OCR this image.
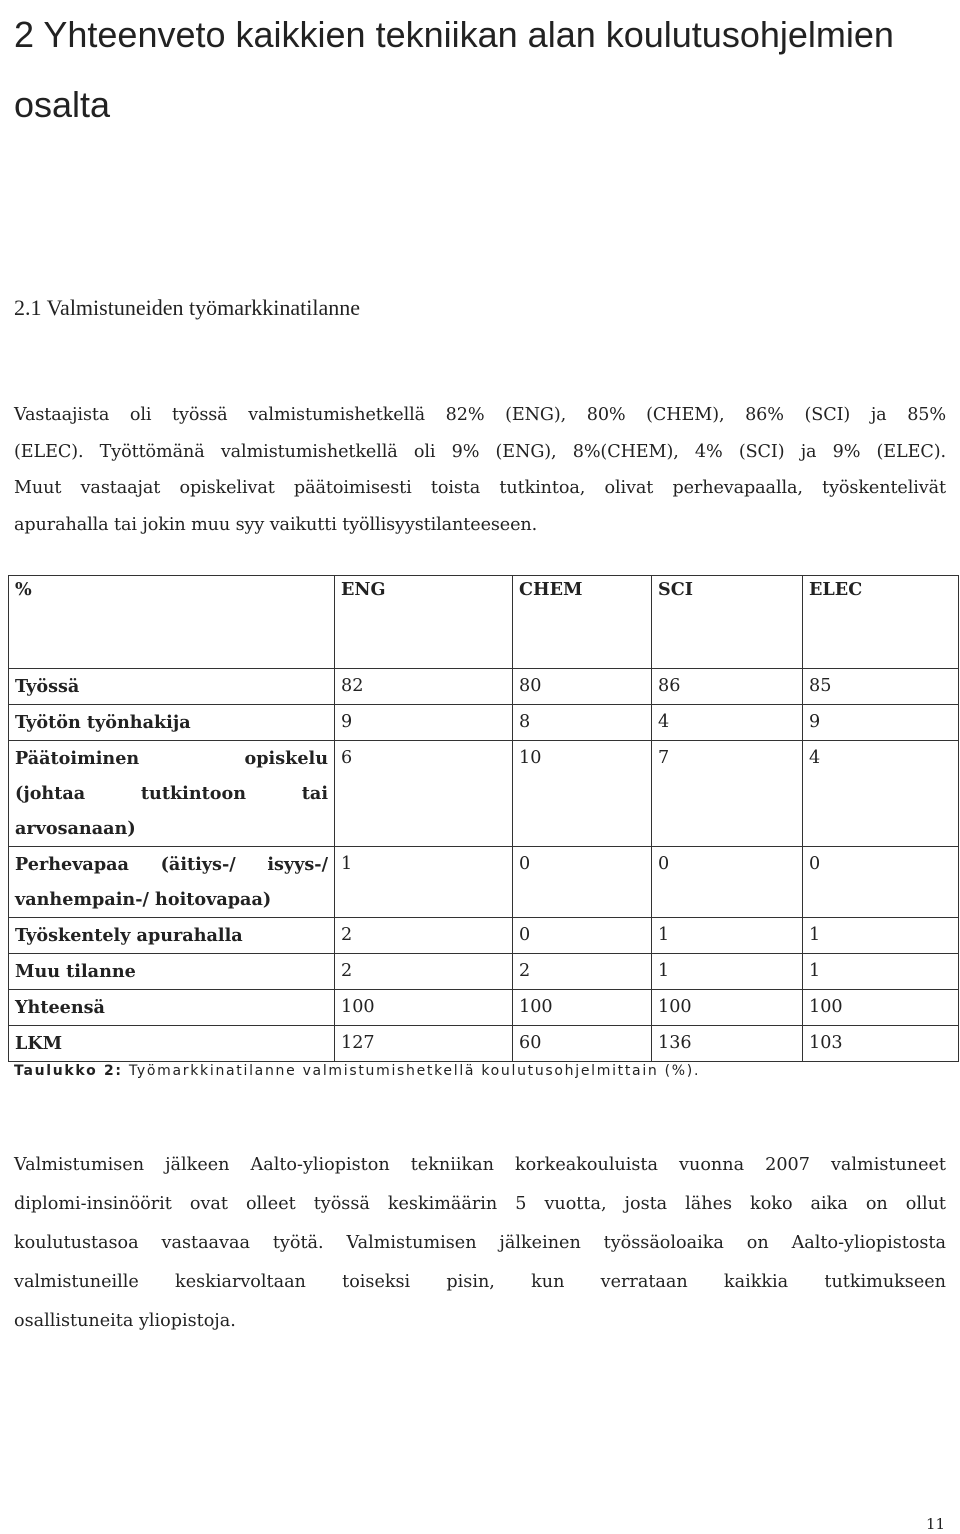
2 Yhteenveto kaikkien tekniikan alan koulutusohjelmien
osalta
2.1 Valmistuneiden työmarkkinatilanne
Vastaajista oli työssä valmistumishetkellä 82% (ENG), 80% (CHEM), 86% (SCI) ja 85%
(ELEC). Työttömänä valmistumishetkellä oli 9% (ENG), 8%(CHEM), 4% (SCI) ja 9% (ELEC).
Muut vastaajat opiskelivat päätoimisesti toista tutkintoa, olivat perhevapaalla, työskentelivät
apurahalla tai jokin muu syy vaikutti työllisyystilanteeseen.
%	ENG	CHEM	SCI	ELEC
Työssä	82	80	86	85
Työtön työnhakija	9	8	4	9

Päätoiminen opiskelu
(johtaa tutkintoon tai
arvosanaan)	6	10	7	4

Perhevapaa (äitiys-/ isyys-/
vanhempain-/ hoitovapaa)	1	0	0	0
Työskentely apurahalla	2	0	1	1
Muu tilanne	2	2	1	1
Yhteensä	100	100	100	100
LKM	127	60	136	103

Taulukko 2: Työmarkkinatilanne valmistumishetkellä koulutusohjelmittain (%).

Valmistumisen jälkeen Aalto-yliopiston tekniikan korkeakouluista vuonna 2007 valmistuneet
diplomi-insinöörit ovat olleet työssä keskimäärin 5 vuotta, josta lähes koko aika on ollut
koulutustasoa vastaavaa työtä. Valmistumisen jälkeinen työssäoloaika on Aalto-yliopistosta
valmistuneille keskiarvoltaan toiseksi pisin, kun verrataan kaikkia tutkimukseen
osallistuneita yliopistoja.

11
